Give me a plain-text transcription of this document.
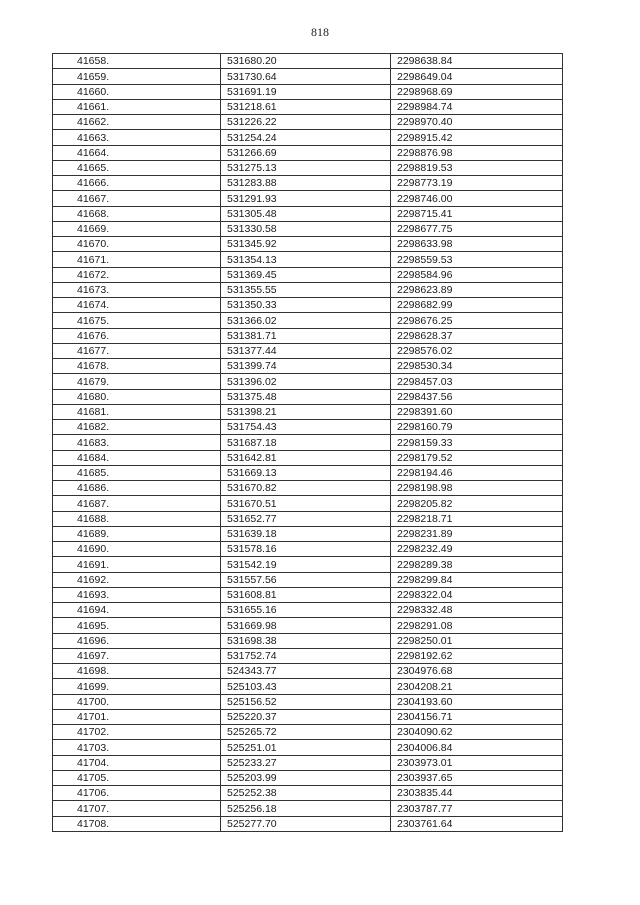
818
41658.	531680.20	2298638.84
41659.	531730.64	2298649.04
41660.	531691.19	2298968.69
41661.	531218.61	2298984.74
41662.	531226.22	2298970.40
41663.	531254.24	2298915.42
41664.	531266.69	2298876.98
41665.	531275.13	2298819.53
41666.	531283.88	2298773.19
41667.	531291.93	2298746.00
41668.	531305.48	2298715.41
41669.	531330.58	2298677.75
41670.	531345.92	2298633.98
41671.	531354.13	2298559.53
41672.	531369.45	2298584.96
41673.	531355.55	2298623.89
41674.	531350.33	2298682.99
41675.	531366.02	2298676.25
41676.	531381.71	2298628.37
41677.	531377.44	2298576.02
41678.	531399.74	2298530.34
41679.	531396.02	2298457.03
41680.	531375.48	2298437.56
41681.	531398.21	2298391.60
41682.	531754.43	2298160.79
41683.	531687.18	2298159.33
41684.	531642.81	2298179.52
41685.	531669.13	2298194.46
41686.	531670.82	2298198.98
41687.	531670.51	2298205.82
41688.	531652.77	2298218.71
41689.	531639.18	2298231.89
41690.	531578.16	2298232.49
41691.	531542.19	2298289.38
41692.	531557.56	2298299.84
41693.	531608.81	2298322.04
41694.	531655.16	2298332.48
41695.	531669.98	2298291.08
41696.	531698.38	2298250.01
41697.	531752.74	2298192.62
41698.	524343.77	2304976.68
41699.	525103.43	2304208.21
41700.	525156.52	2304193.60
41701.	525220.37	2304156.71
41702.	525265.72	2304090.62
41703.	525251.01	2304006.84
41704.	525233.27	2303973.01
41705.	525203.99	2303937.65
41706.	525252.38	2303835.44
41707.	525256.18	2303787.77
41708.	525277.70	2303761.64
